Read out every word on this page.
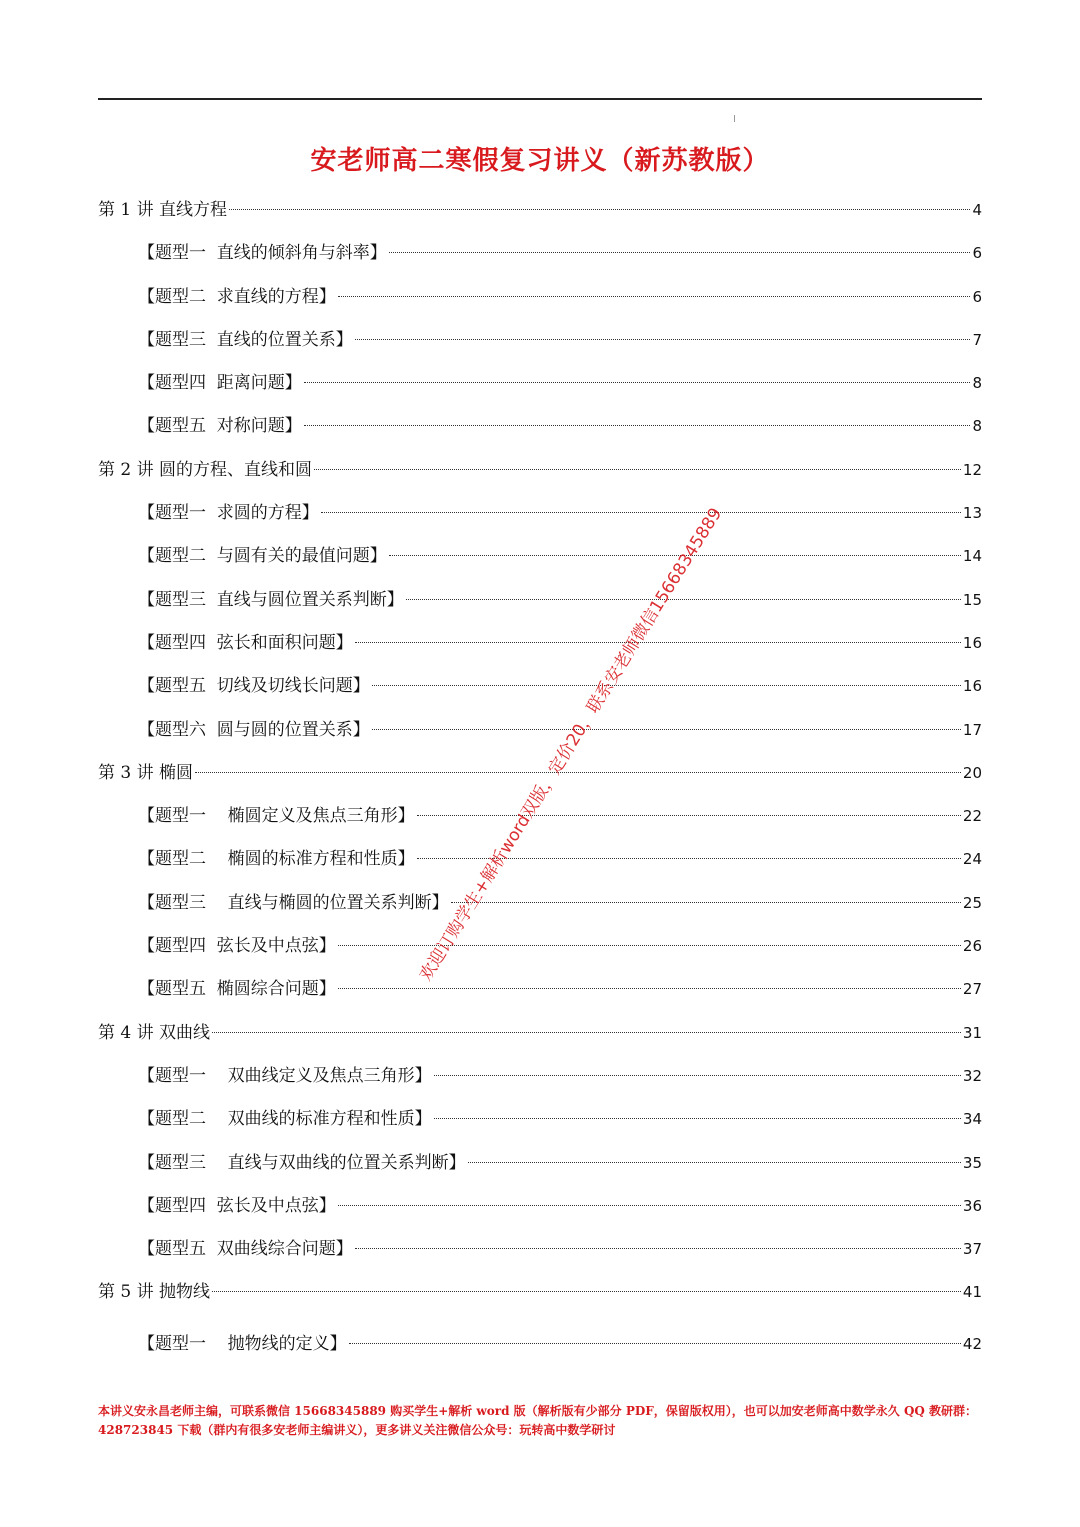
安老师高二寒假复习讲义（新苏教版）
第 1 讲 直线方程	4
【题型一  直线的倾斜角与斜率】	6
【题型二  求直线的方程】	6
【题型三  直线的位置关系】	7
【题型四  距离问题】	8
【题型五  对称问题】	8
第 2 讲 圆的方程、直线和圆	12
【题型一  求圆的方程】	13
【题型二  与圆有关的最值问题】	14
【题型三  直线与圆位置关系判断】	15
【题型四  弦长和面积问题】	16
【题型五  切线及切线长问题】	16
【题型六  圆与圆的位置关系】	17
第 3 讲 椭圆	20
【题型一    椭圆定义及焦点三角形】	22
【题型二    椭圆的标准方程和性质】	24
【题型三    直线与椭圆的位置关系判断】	25
【题型四  弦长及中点弦】	26
【题型五  椭圆综合问题】	27
第 4 讲 双曲线	31
【题型一    双曲线定义及焦点三角形】	32
【题型二    双曲线的标准方程和性质】	34
【题型三    直线与双曲线的位置关系判断】	35
【题型四  弦长及中点弦】	36
【题型五  双曲线综合问题】	37
第 5 讲 抛物线	41
【题型一    抛物线的定义】	42
欢迎订购学生+解析word双版，定价20，联系安老师微信15668345889
本讲义安永昌老师主编，可联系微信 15668345889 购买学生+解析 word 版（解析版有少部分 PDF，保留版权用），也可以加安老师高中数学永久 QQ 教研群：428723845 下载（群内有很多安老师主编讲义），更多讲义关注微信公众号：玩转高中数学研讨
